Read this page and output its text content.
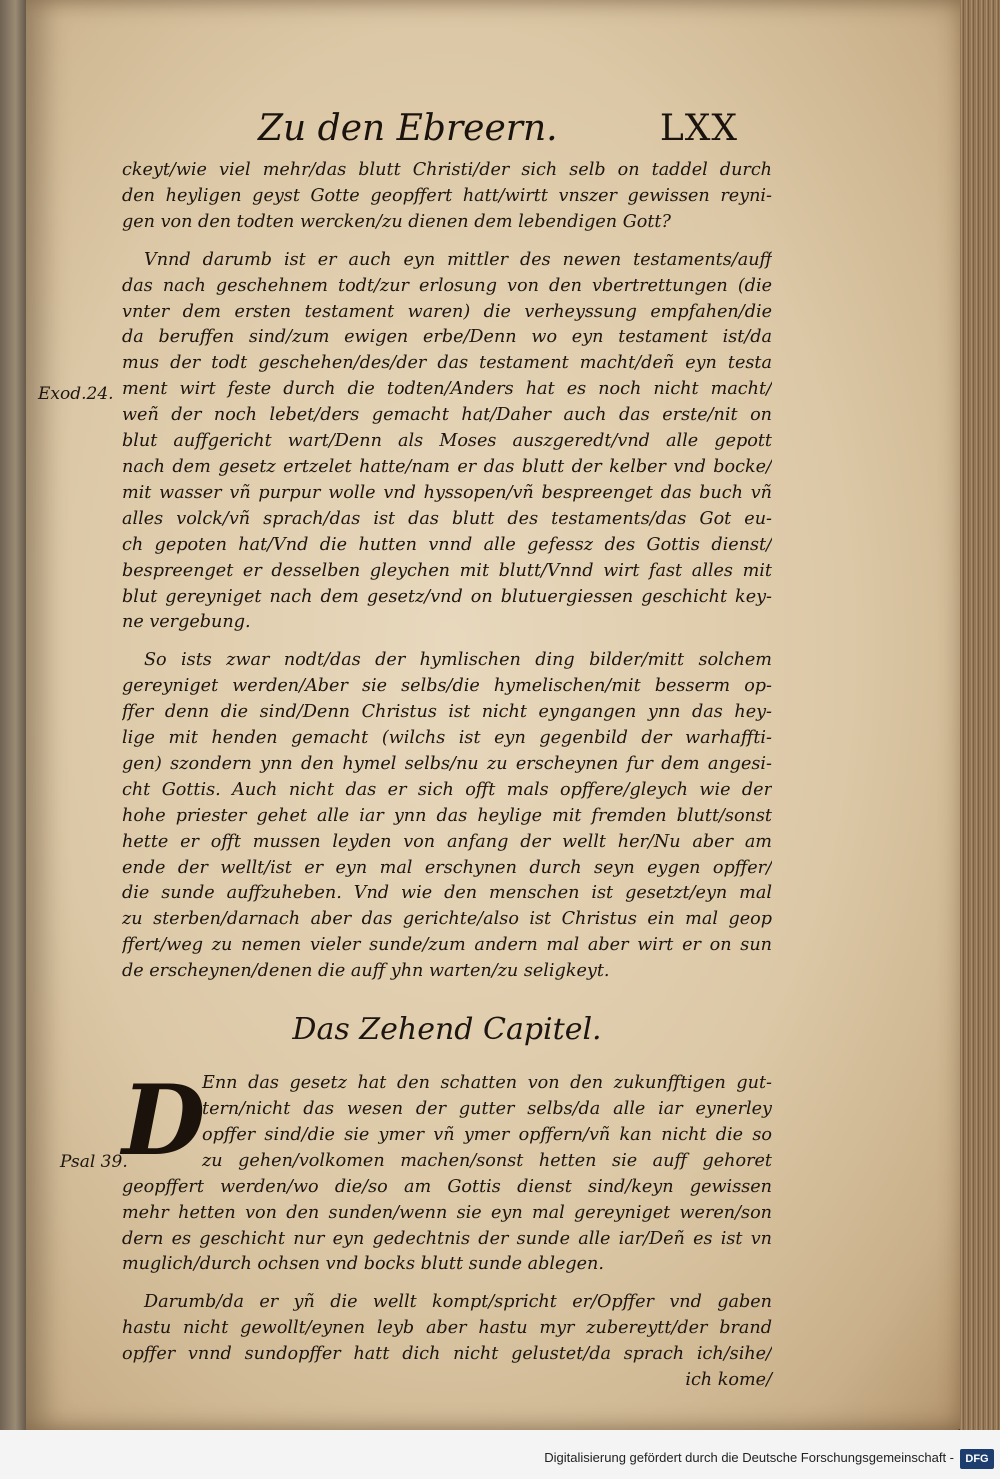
Zu den Ebreern.	LXX
Exod.24.
Psal 39.
ckeyt/wie viel mehr/das blutt Christi/der sich selb on taddel durch
den heyligen geyst Gotte geopffert hatt/wirtt vnszer gewissen reyni-
gen von den todten wercken/zu dienen dem lebendigen Gott?
Vnnd darumb ist er auch eyn mittler des newen testaments/auff
das nach geschehnem todt/zur erlosung von den vbertrettungen (die
vnter dem ersten testament waren) die verheyssung empfahen/die
da beruffen sind/zum ewigen erbe/Denn wo eyn testament ist/da
mus der todt geschehen/des/der das testament macht/deñ eyn testa
ment wirt feste durch die todten/Anders hat es noch nicht macht/
weñ der noch lebet/ders gemacht hat/Daher auch das erste/nit on
blut auffgericht wart/Denn als Moses auszgeredt/vnd alle gepott
nach dem gesetz ertzelet hatte/nam er das blutt der kelber vnd bocke/
mit wasser vñ purpur wolle vnd hyssopen/vñ bespreenget das buch vñ
alles volck/vñ sprach/das ist das blutt des testaments/das Got eu-
ch gepoten hat/Vnd die hutten vnnd alle gefessz des Gottis dienst/
bespreenget er desselben gleychen mit blutt/Vnnd wirt fast alles mit
blut gereyniget nach dem gesetz/vnd on blutuergiessen geschicht key-
ne vergebung.
So ists zwar nodt/das der hymlischen ding bilder/mitt solchem
gereyniget werden/Aber sie selbs/die hymelischen/mit besserm op-
ffer denn die sind/Denn Christus ist nicht eyngangen ynn das hey-
lige mit henden gemacht (wilchs ist eyn gegenbild der warhaffti-
gen) szondern ynn den hymel selbs/nu zu erscheynen fur dem angesi-
cht Gottis. Auch nicht das er sich offt mals opffere/gleych wie der
hohe priester gehet alle iar ynn das heylige mit fremden blutt/sonst
hette er offt mussen leyden von anfang der wellt her/Nu aber am
ende der wellt/ist er eyn mal erschynen durch seyn eygen opffer/
die sunde auffzuheben. Vnd wie den menschen ist gesetzt/eyn mal
zu sterben/darnach aber das gerichte/also ist Christus ein mal geop
ffert/weg zu nemen vieler sunde/zum andern mal aber wirt er on sun
de erscheynen/denen die auff yhn warten/zu seligkeyt.
Das Zehend Capitel.
D
Enn das gesetz hat den schatten von den zukunfftigen gut-
tern/nicht das wesen der gutter selbs/da alle iar eynerley
opffer sind/die sie ymer vñ ymer opffern/vñ kan nicht die so
zu gehen/volkomen machen/sonst hetten sie auff gehoret
geopffert werden/wo die/so am Gottis dienst sind/keyn gewissen
mehr hetten von den sunden/wenn sie eyn mal gereyniget weren/son
dern es geschicht nur eyn gedechtnis der sunde alle iar/Deñ es ist vn
muglich/durch ochsen vnd bocks blutt sunde ablegen.
Darumb/da er yñ die wellt kompt/spricht er/Opffer vnd gaben
hastu nicht gewollt/eynen leyb aber hastu myr zubereytt/der brand
opffer vnnd sundopffer hatt dich nicht gelustet/da sprach ich/sihe/
ich kome/
Digitalisierung gefördert durch die Deutsche Forschungsgemeinschaft -	DFG
